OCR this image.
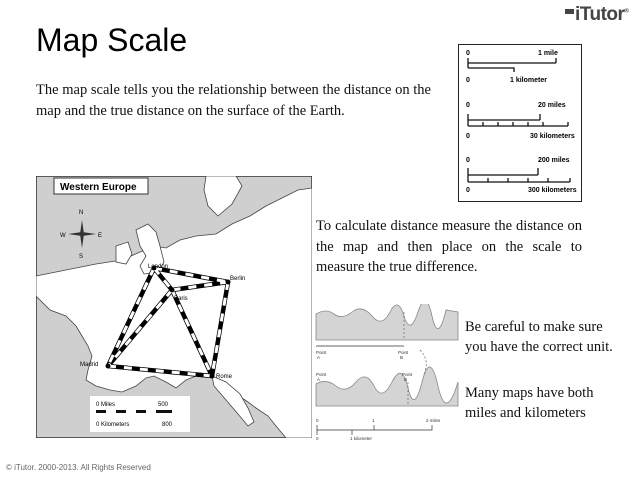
Map Scale
The map scale tells you the relationship between the distance on the map and the true distance on the surface of the Earth.
To calculate distance measure the distance on the map and then place on the scale to measure the true difference.
Be careful to make sure you have the correct unit.
Many maps have both miles and kilometers
© iTutor. 2000-2013. All Rights Reserved
iTutor®
0	1 mile
0	1 kilometer
0	20 miles
0	30 kilometers
0	200 miles
0	300 kilometers
Western Europe
N
S
E
W
London
Berlin
Paris
Madrid
Rome
0 Miles	500
0 Kilometers	800
Point
A
Point
B
Point
A
Point
B
0	1	2 miles
0	1 kilometer
